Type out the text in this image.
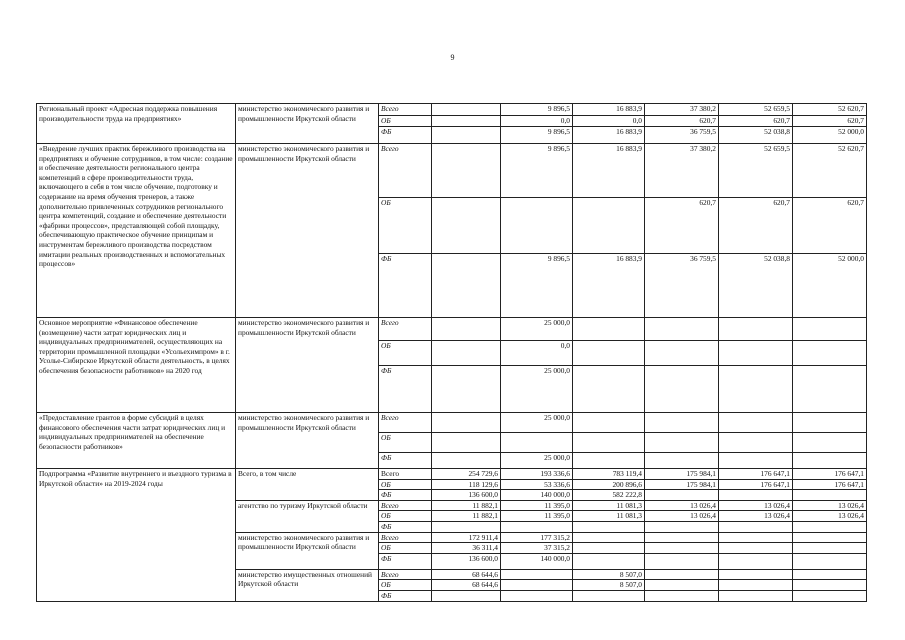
9
Региональный проект «Адресная поддержка повышения производительности труда на предприятиях»	министерство экономического развития и промышленности Иркутской области	Всего		9 896,5	16 883,9	37 380,2	52 659,5	52 620,7
		ОБ		0,0	0,0	620,7	620,7	620,7
		ФБ		9 896,5	16 883,9	36 759,5	52 038,8	52 000,0
«Внедрение лучших практик бережливого производства на предприятиях и обучение сотрудников, в том числе: создание и обеспечение деятельности регионального центра компетенций в сфере производительности труда, включающего в себя в том числе обучение, подготовку и содержание на время обучения тренеров, а также дополнительно привлеченных сотрудников регионального центра компетенций, создание и обеспечение деятельности «фабрики процессов», представляющей собой площадку, обеспечивающую практическое обучение принципам и инструментам бережливого производства посредством имитации реальных производственных и вспомогательных процессов»	министерство экономического развития и промышленности Иркутской области	Всего		9 896,5	16 883,9	37 380,2	52 659,5	52 620,7
		ОБ				620,7	620,7	620,7
		ФБ		9 896,5	16 883,9	36 759,5	52 038,8	52 000,0
Основное мероприятие «Финансовое обеспечение (возмещение) части затрат юридических лиц и индивидуальных предпринимателей, осуществляющих на территории промышленной площадки «Усольехимпром» в г. Усолье-Сибирское Иркутской области деятельность, в целях обеспечения безопасности работников» на 2020 год	министерство экономического развития и промышленности Иркутской области	Всего		25 000,0				
		ОБ		0,0				
		ФБ		25 000,0				
«Предоставление грантов в форме субсидий в целях финансового обеспечения части затрат юридических лиц и индивидуальных предпринимателей на обеспечение безопасности работников»	министерство экономического развития и промышленности Иркутской области	Всего		25 000,0				
		ОБ						
		ФБ		25 000,0				
Подпрограмма «Развитие внутреннего и въездного туризма в Иркутской области» на 2019-2024 годы	Всего, в том числе	Всего	254 729,6	193 336,6	783 119,4	175 984,1	176 647,1	176 647,1
		ОБ	118 129,6	53 336,6	200 896,6	175 984,1	176 647,1	176 647,1
		ФБ	136 600,0	140 000,0	582 222,8			
	агентство по туризму Иркутской области	Всего	11 882,1	11 395,0	11 081,3	13 026,4	13 026,4	13 026,4
		ОБ	11 882,1	11 395,0	11 081,3	13 026,4	13 026,4	13 026,4
		ФБ						
	министерство экономического развития и промышленности Иркутской области	Всего	172 911,4	177 315,2				
		ОБ	36 311,4	37 315,2				
		ФБ	136 600,0	140 000,0				
	министерство имущественных отношений Иркутской области	Всего	68 644,6		8 507,0			
		ОБ	68 644,6		8 507,0			
		ФБ						
